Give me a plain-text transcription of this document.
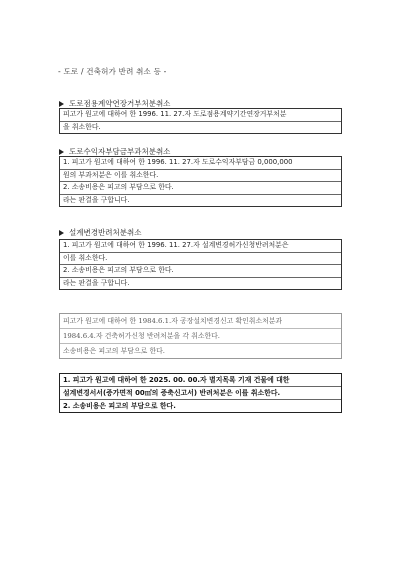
- 도로 / 건축허가 반려 취소 등 -
도로점용계약연장거부처분취소
피고가 원고에 대하여 한 1996. 11. 27.자 도로점용계약기간연장거부처분
을 취소한다.
도로수익자부담금부과처분취소
1. 피고가 원고에 대하여 한 1996. 11. 27.자 도로수익자부담금 0,000,000
원의 부과처분은 이를 취소한다.
2. 소송비용은 피고의 부담으로 한다.
라는 판결을 구합니다.
설계변경반려처분취소
1. 피고가 원고에 대하여 한 1996. 11. 27.자 설계변경허가신청반려처분은
이를 취소한다.
2. 소송비용은 피고의 부담으로 한다.
라는 판결을 구합니다.
피고가 원고에 대하여 한 1984.6.1.자 공장설치변경신고 확인취소처분과
1984.6.4.자 건축허가신청 반려처분을 각 취소한다.
소송비용은 피고의 부담으로 한다.
1. 피고가 원고에 대하여 한 2025. 00. 00.자 별지목록 기재 건물에 대한
설계변경서서(증가면적 00㎡의 증축신고서) 반려처분은 이를 취소한다.
2. 소송비용은 피고의 부담으로 한다.
